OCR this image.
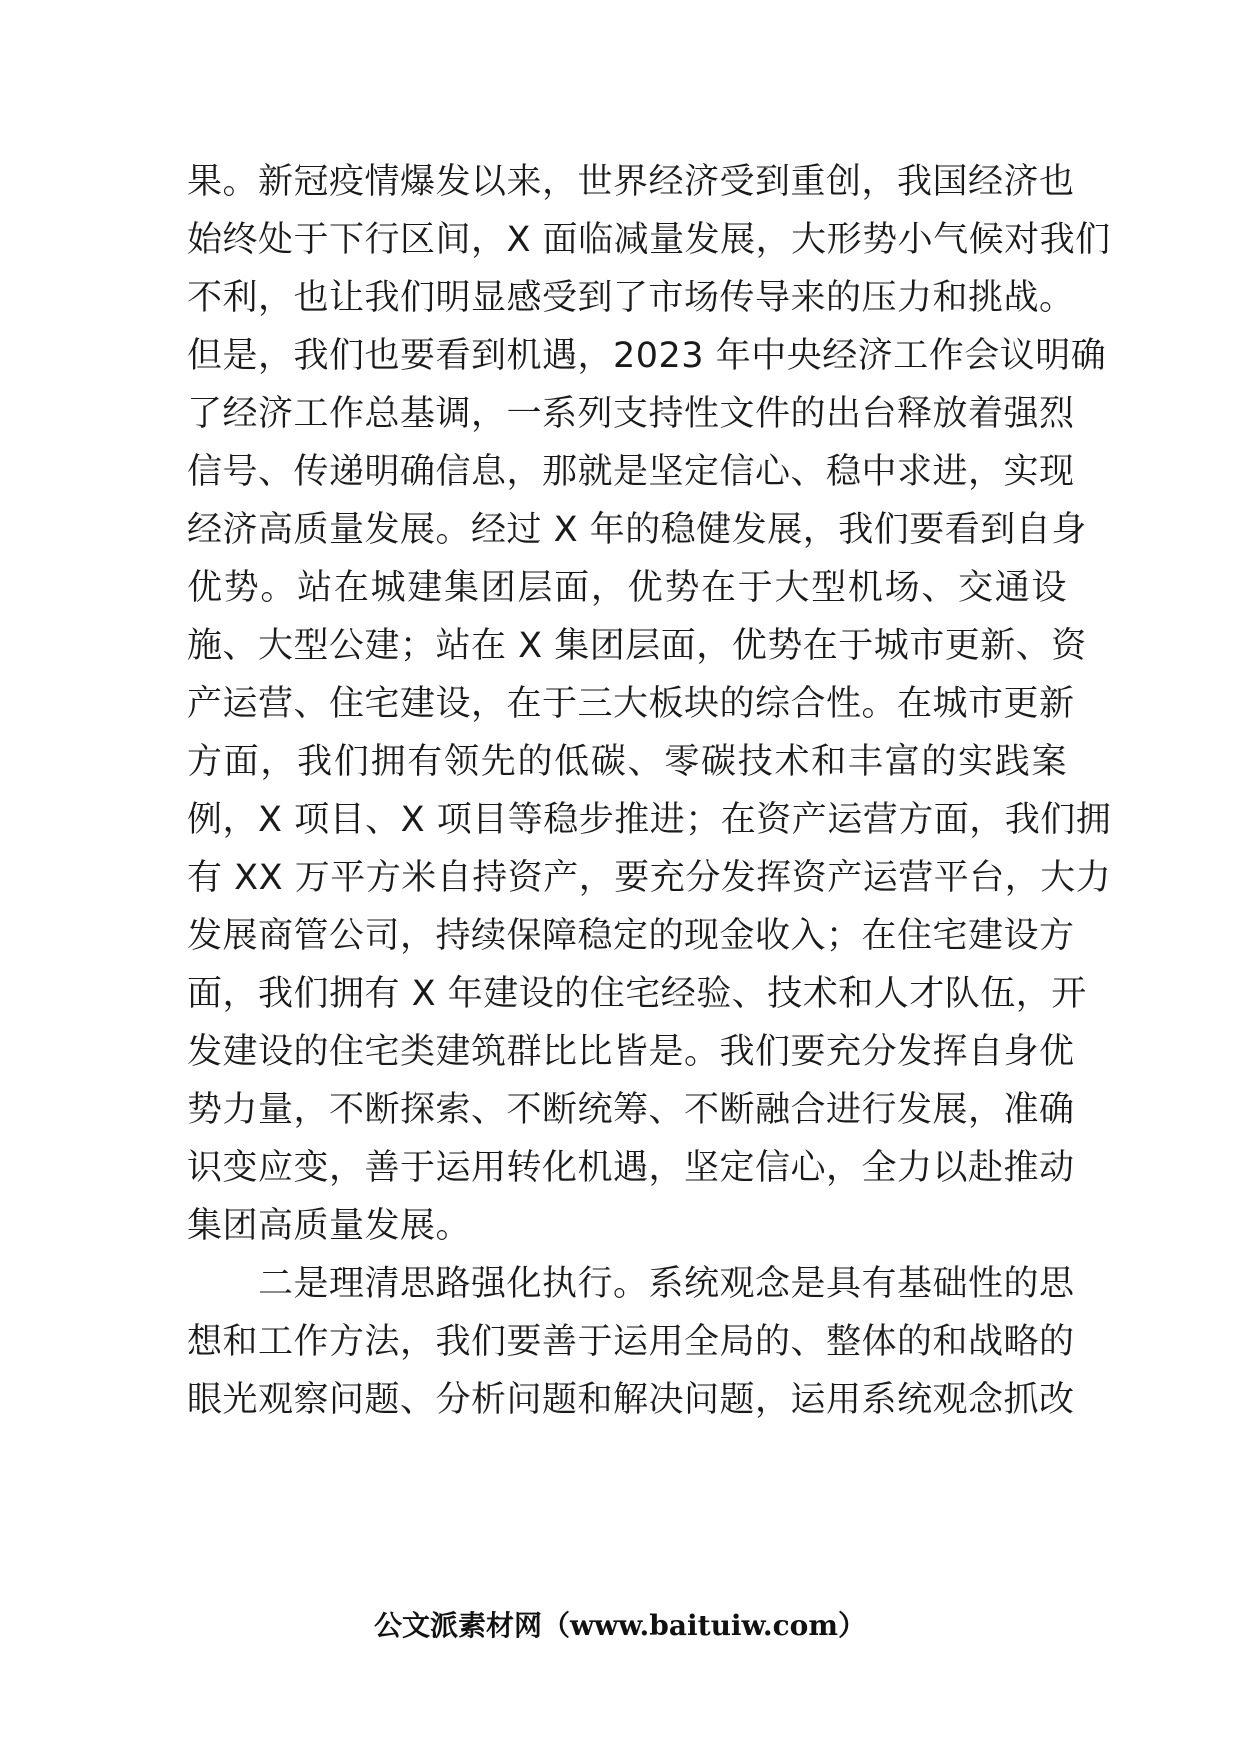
果。新冠疫情爆发以来，世界经济受到重创，我国经济也
始终处于下行区间，X 面临减量发展，大形势小气候对我们
不利，也让我们明显感受到了市场传导来的压力和挑战。
但是，我们也要看到机遇，2023 年中央经济工作会议明确
了经济工作总基调，一系列支持性文件的出台释放着强烈
信号、传递明确信息，那就是坚定信心、稳中求进，实现
经济高质量发展。经过 X 年的稳健发展，我们要看到自身
优势。站在城建集团层面，优势在于大型机场、交通设
施、大型公建；站在 X 集团层面，优势在于城市更新、资
产运营、住宅建设，在于三大板块的综合性。在城市更新
方面，我们拥有领先的低碳、零碳技术和丰富的实践案
例，X 项目、X 项目等稳步推进；在资产运营方面，我们拥
有 XX 万平方米自持资产，要充分发挥资产运营平台，大力
发展商管公司，持续保障稳定的现金收入；在住宅建设方
面，我们拥有 X 年建设的住宅经验、技术和人才队伍，开
发建设的住宅类建筑群比比皆是。我们要充分发挥自身优
势力量，不断探索、不断统筹、不断融合进行发展，准确
识变应变，善于运用转化机遇，坚定信心，全力以赴推动
集团高质量发展。
二是理清思路强化执行。系统观念是具有基础性的思
想和工作方法，我们要善于运用全局的、整体的和战略的
眼光观察问题、分析问题和解决问题，运用系统观念抓改
公文派素材网（www.baituiw.com）
